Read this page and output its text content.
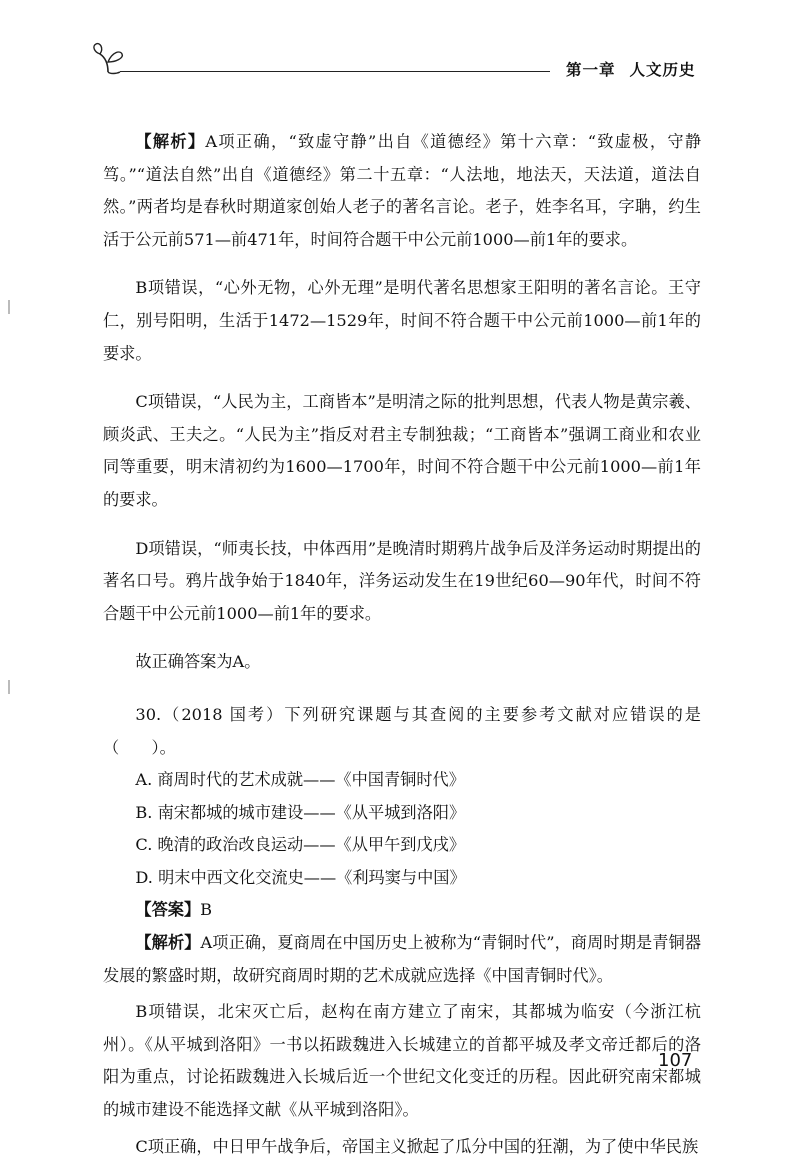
第一章 人文历史

【解析】A项正确，“致虚守静”出自《道德经》第十六章：“致虚极，守静笃。”“道法自然”出自《道德经》第二十五章：“人法地，地法天，天法道，道法自然。”两者均是春秋时期道家创始人老子的著名言论。老子，姓李名耳，字聃，约生活于公元前571—前471年，时间符合题干中公元前1000—前1年的要求。

B项错误，“心外无物，心外无理”是明代著名思想家王阳明的著名言论。王守仁，别号阳明，生活于1472—1529年，时间不符合题干中公元前1000—前1年的要求。

C项错误，“人民为主，工商皆本”是明清之际的批判思想，代表人物是黄宗羲、顾炎武、王夫之。“人民为主”指反对君主专制独裁；“工商皆本”强调工商业和农业同等重要，明末清初约为1600—1700年，时间不符合题干中公元前1000—前1年的要求。

D项错误，“师夷长技，中体西用”是晚清时期鸦片战争后及洋务运动时期提出的著名口号。鸦片战争始于1840年，洋务运动发生在19世纪60—90年代，时间不符合题干中公元前1000—前1年的要求。

故正确答案为A。

30.（2018 国考）下列研究课题与其查阅的主要参考文献对应错误的是（　　）。

A. 商周时代的艺术成就——《中国青铜时代》

B. 南宋都城的城市建设——《从平城到洛阳》

C. 晚清的政治改良运动——《从甲午到戊戌》

D. 明末中西文化交流史——《利玛窦与中国》

【答案】B

【解析】A项正确，夏商周在中国历史上被称为“青铜时代”，商周时期是青铜器发展的繁盛时期，故研究商周时期的艺术成就应选择《中国青铜时代》。

B项错误，北宋灭亡后，赵构在南方建立了南宋，其都城为临安（今浙江杭州）。《从平城到洛阳》一书以拓跋魏进入长城建立的首都平城及孝文帝迁都后的洛阳为重点，讨论拓跋魏进入长城后近一个世纪文化变迁的历程。因此研究南宋都城的城市建设不能选择文献《从平城到洛阳》。

C项正确，中日甲午战争后，帝国主义掀起了瓜分中国的狂潮，为了使中华民族

107
